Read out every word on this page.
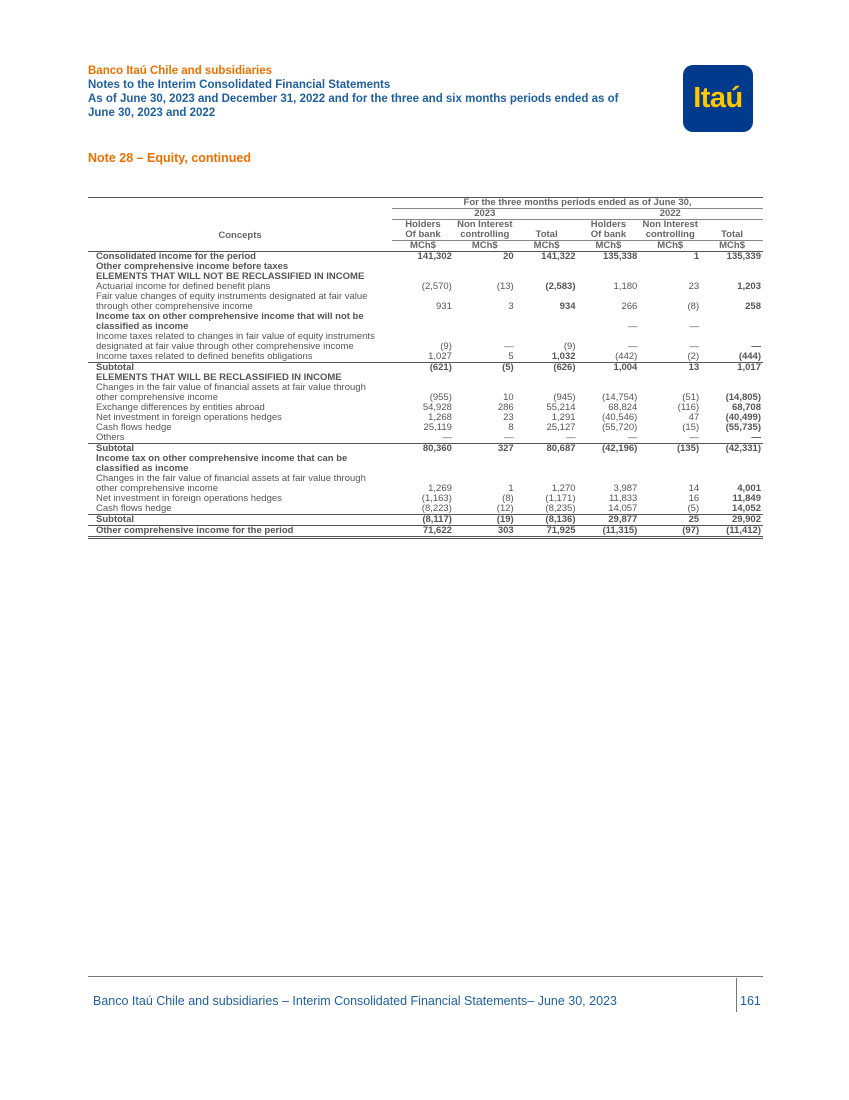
Banco Itaú Chile and subsidiaries
Notes to the Interim Consolidated Financial Statements
As of June 30, 2023 and December 31, 2022 and for the three and six months periods ended as of
June 30, 2023 and 2022	Itaú
Note 28 – Equity, continued
	For the three months periods ended as of June 30,					
	2023			2022		
Concepts	Holders	Non Interest		Holders	Non Interest	
	Of bank	controlling	Total	Of bank	controlling	Total
	MCh$	MCh$	MCh$	MCh$	MCh$	MCh$
Consolidated income for the period	141,302	20	141,322	135,338	1	135,339
Other comprehensive income before taxes						
ELEMENTS THAT WILL NOT BE RECLASSIFIED IN INCOME						
Actuarial income for defined benefit plans	(2,570)	(13)	(2,583)	1,180	23	1,203
Fair value changes of equity instruments designated at fair value through other comprehensive income	931	3	934	266	(8)	258
Income tax on other comprehensive income that will not be classified as income				—	—	
Income taxes related to changes in fair value of equity instruments designated at fair value through other comprehensive income	(9)	—	(9)	—	—	—
Income taxes related to defined benefits obligations	1,027	5	1,032	(442)	(2)	(444)
Subtotal	(621)	(5)	(626)	1,004	13	1,017
ELEMENTS THAT WILL BE RECLASSIFIED IN INCOME						
Changes in the fair value of financial assets at fair value through other comprehensive income	(955)	10	(945)	(14,754)	(51)	(14,805)
Exchange differences by entities abroad	54,928	286	55,214	68,824	(116)	68,708
Net investment in foreign operations hedges	1,268	23	1,291	(40,546)	47	(40,499)
Cash flows hedge	25,119	8	25,127	(55,720)	(15)	(55,735)
Others	—	—	—	—	—	—
Subtotal	80,360	327	80,687	(42,196)	(135)	(42,331)
Income tax on other comprehensive income that can be classified as income						
Changes in the fair value of financial assets at fair value through other comprehensive income	1,269	1	1,270	3,987	14	4,001
Net investment in foreign operations hedges	(1,163)	(8)	(1,171)	11,833	16	11,849
Cash flows hedge	(8,223)	(12)	(8,235)	14,057	(5)	14,052
Subtotal	(8,117)	(19)	(8,136)	29,877	25	29,902
Other comprehensive income for the period	71,622	303	71,925	(11,315)	(97)	(11,412)
Banco Itaú Chile and subsidiaries – Interim Consolidated Financial Statements– June 30, 2023	161
